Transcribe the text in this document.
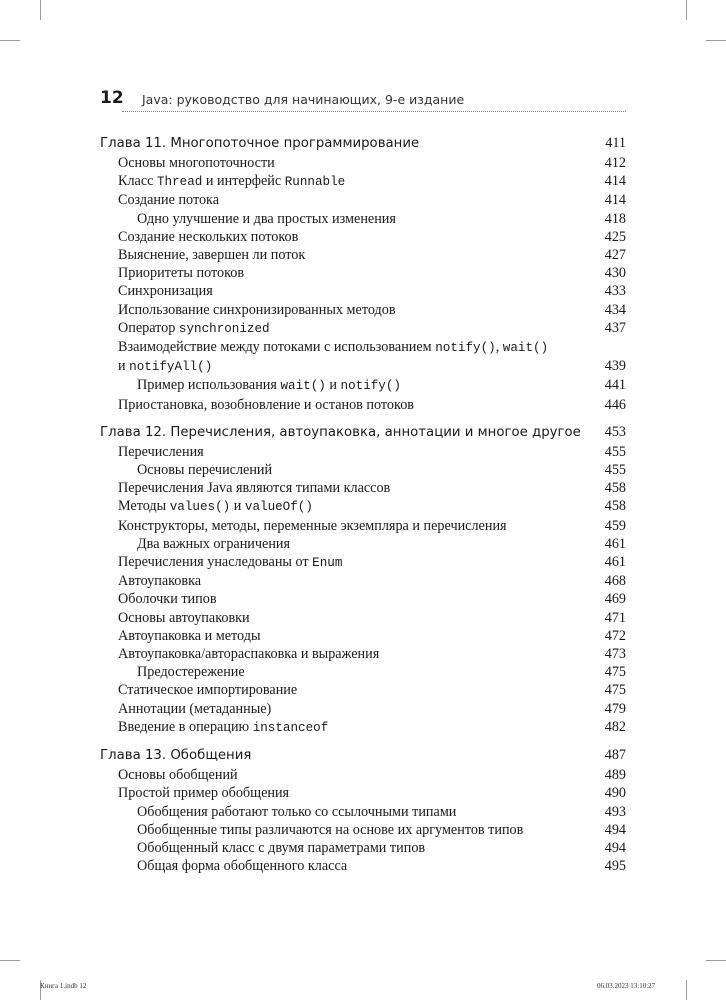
12 Java: руководство для начинающих, 9-е издание
Глава 11. Многопоточное программирование	411
Основы многопоточности	412
Класс Thread и интерфейс Runnable	414
Создание потока	414
Одно улучшение и два простых изменения	418
Создание нескольких потоков	425
Выяснение, завершен ли поток	427
Приоритеты потоков	430
Синхронизация	433
Использование синхронизированных методов	434
Оператор synchronized	437
Взаимодействие между потоками с использованием notify(), wait()
и notifyAll()	439
Пример использования wait() и notify()	441
Приостановка, возобновление и останов потоков	446
Глава 12. Перечисления, автоупаковка, аннотации и многое другое 453
Перечисления	455
Основы перечислений	455
Перечисления Java являются типами классов	458
Методы values() и valueOf()	458
Конструкторы, методы, переменные экземпляра и перечисления	459
Два важных ограничения	461
Перечисления унаследованы от Enum	461
Автоупаковка	468
Оболочки типов	469
Основы автоупаковки	471
Автоупаковка и методы	472
Автоупаковка/автораспаковка и выражения	473
Предостережение	475
Статическое импортирование	475
Аннотации (метаданные)	479
Введение в операцию instanceof	482
Глава 13. Обобщения	487
Основы обобщений	489
Простой пример обобщения	490
Обобщения работают только со ссылочными типами	493
Обобщенные типы различаются на основе их аргументов типов	494
Обобщенный класс с двумя параметрами типов	494
Общая форма обобщенного класса	495
Книга 1.indb 12	06.03.2023 13:10:27
